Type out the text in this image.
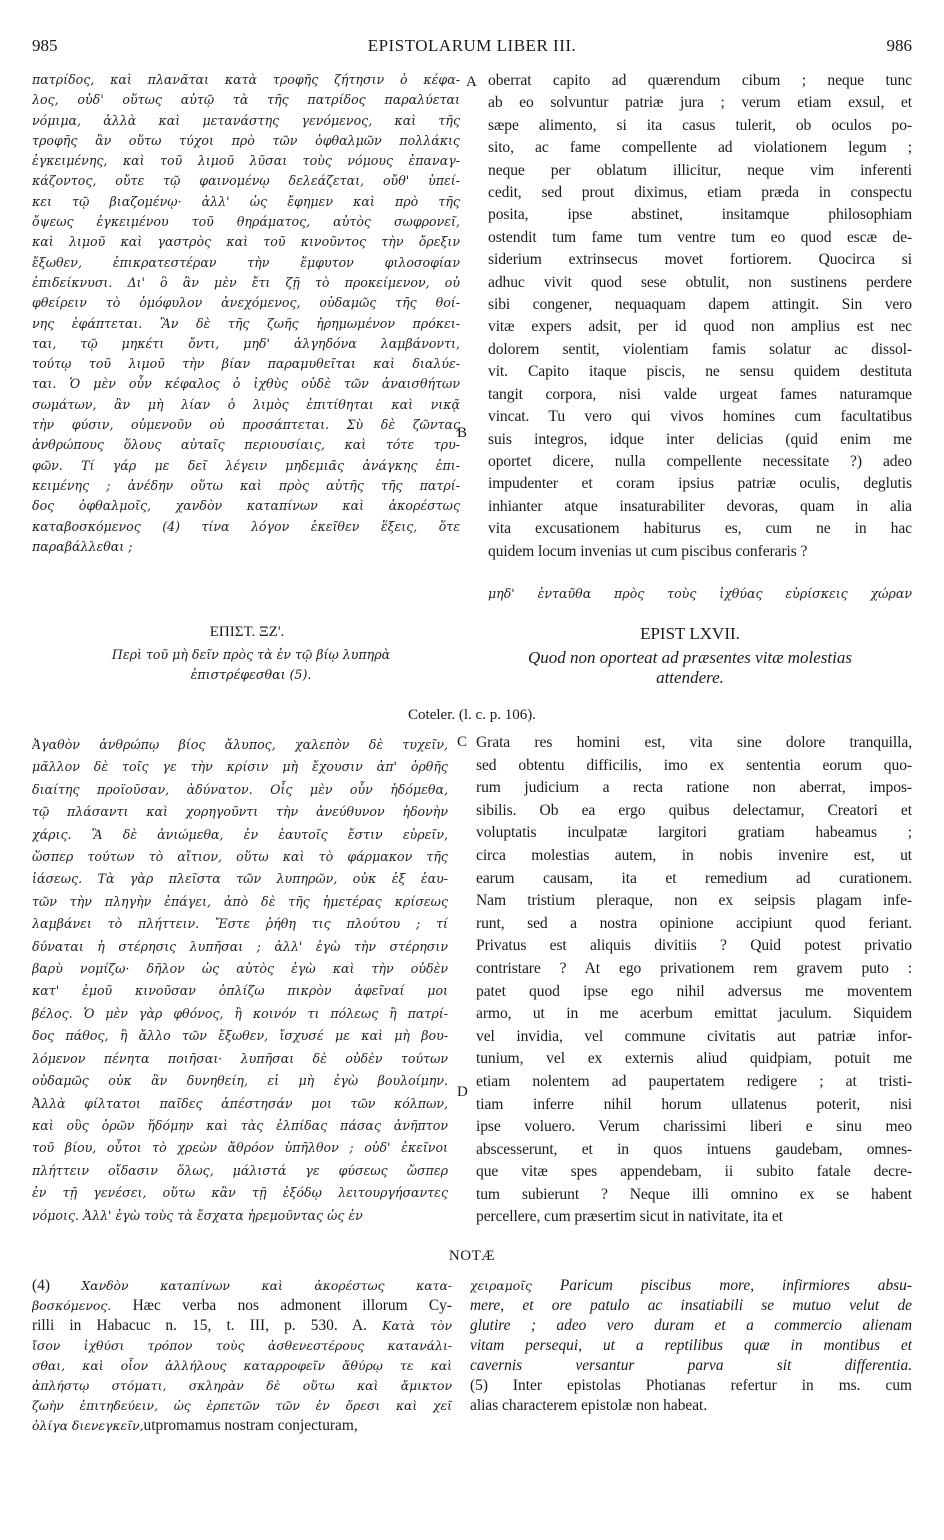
985	EPISTOLARUM LIBER III.	986
πατρίδος, καὶ πλανᾶται κατὰ τροφῆς ζήτησιν ὁ κέφα-
λος, οὐδ' οὕτως αὐτῷ τὰ τῆς πατρίδος παραλύεται
νόμιμα, ἀλλὰ καὶ μετανάστης γενόμενος, καὶ τῆς
τροφῆς ἂν οὕτω τύχοι πρὸ τῶν ὀφθαλμῶν πολλάκις
ἐγκειμένης, καὶ τοῦ λιμοῦ λῦσαι τοὺς νόμους ἐπαναγ-
κάζοντος, οὔτε τῷ φαινομένῳ δελεάζεται, οὔθ' ὑπεί-
κει τῷ βιαζομένῳ· ἀλλ' ὡς ἔφημεν καὶ πρὸ τῆς
ὄψεως ἐγκειμένου τοῦ θηράματος, αὐτὸς σωφρονεῖ,
καὶ λιμοῦ καὶ γαστρὸς καὶ τοῦ κινοῦντος τὴν ὄρεξιν
ἔξωθεν, ἐπικρατεστέραν τὴν ἔμφυτον φιλοσοφίαν
ἐπιδείκνυσι. Δι' ὃ ἂν μὲν ἔτι ζῇ τὸ προκείμενον, οὐ
φθείρειν τὸ ὁμόφυλον ἀνεχόμενος, οὐδαμῶς τῆς θοί-
νης ἐφάπτεται. Ἂν δὲ τῆς ζωῆς ἠρημωμένον πρόκει-
ται, τῷ μηκέτι ὄντι, μηδ' ἀλγηδόνα λαμβάνοντι,
τούτῳ τοῦ λιμοῦ τὴν βίαν παραμυθεῖται καὶ διαλύε-
ται. Ὁ μὲν οὖν κέφαλος ὁ ἰχθὺς οὐδὲ τῶν ἀναισθήτων
σωμάτων, ἂν μὴ λίαν ὁ λιμὸς ἐπιτίθηται καὶ νικᾷ
τὴν φύσιν, οὐμενοῦν οὐ προσάπτεται. Σὺ δὲ ζῶντας
ἀνθρώπους ὅλους αὐταῖς περιουσίαις, καὶ τότε τρυ-
φῶν. Τί γάρ με δεῖ λέγειν μηδεμιᾶς ἀνάγκης ἐπι-
κειμένης ; ἀνέδην οὕτω καὶ πρὸς αὐτῆς τῆς πατρί-
δος ὀφθαλμοῖς, χανδὸν καταπίνων καὶ ἀκορέστως
καταβοσκόμενος (4) τίνα λόγον ἐκεῖθεν ἕξεις, ὅτε
παραβάλλεθαι ;
oberrat capito ad quærendum cibum ; neque tunc
ab eo solvuntur patriæ jura ; verum etiam exsul, et
sæpe alimento, si ita casus tulerit, ob oculos po-
sito, ac fame compellente ad violationem legum ;
neque per oblatum illicitur, neque vim inferenti
cedit, sed prout diximus, etiam præda in conspectu
posita, ipse abstinet, insitamque philosophiam
ostendit tum fame tum ventre tum eo quod escæ de-
siderium extrinsecus movet fortiorem. Quocirca si
adhuc vivit quod sese obtulit, non sustinens perdere
sibi congener, nequaquam dapem attingit. Sin vero
vitæ expers adsit, per id quod non amplius est nec
dolorem sentit, violentiam famis solatur ac dissol-
vit. Capito itaque piscis, ne sensu quidem destituta
tangit corpora, nisi valde urgeat fames naturamque
vincat. Tu vero qui vivos homines cum facultatibus
suis integros, idque inter delicias (quid enim me
oportet dicere, nulla compellente necessitate ?) adeo
impudenter et coram ipsius patriæ oculis, deglutis
inhianter atque insaturabiliter devoras, quam in alia
vita excusationem habiturus es, cum ne in hac
quidem locum invenias ut cum piscibus conferaris ?
μηδ' ἐνταῦθα πρὸς τοὺς ἰχθύας εὑρίσκεις χώραν
A
B
C
D
ΕΠΙΣΤ. ΞΖ'.
Περὶ τοῦ μὴ δεῖν πρὸς τὰ ἐν τῷ βίῳ λυπηρὰ
ἐπιστρέφεσθαι (5).
EPIST LXVII.
Quod non oporteat ad præsentes vitæ molestias
attendere.
Coteler. (l. c. p. 106).
Ἀγαθὸν ἀνθρώπῳ βίος ἄλυπος, χαλεπὸν δὲ τυχεῖν,
μᾶλλον δὲ τοῖς γε τὴν κρίσιν μὴ ἔχουσιν ἀπ' ὀρθῆς
διαίτης προϊοῦσαν, ἀδύνατον. Οἷς μὲν οὖν ἡδόμεθα,
τῷ πλάσαντι καὶ χορηγοῦντι τὴν ἀνεύθυνον ἡδονὴν
χάρις. Ἃ δὲ ἀνιώμεθα, ἐν ἑαυτοῖς ἔστιν εὑρεῖν,
ὥσπερ τούτων τὸ αἴτιον, οὕτω καὶ τὸ φάρμακον τῆς
ἰάσεως. Τὰ γὰρ πλεῖστα τῶν λυπηρῶν, οὐκ ἐξ ἑαυ-
τῶν τὴν πληγὴν ἐπάγει, ἀπὸ δὲ τῆς ἡμετέρας κρίσεως
λαμβάνει τὸ πλήττειν. Ἔστε ῥήθη τις πλούτου ; τί
δύναται ἡ στέρησις λυπῆσαι ; ἀλλ' ἐγὼ τὴν στέρησιν
βαρὺ νομίζω· δῆλον ὡς αὐτὸς ἐγὼ καὶ τὴν οὐδὲν
κατ' ἐμοῦ κινοῦσαν ὁπλίζω πικρὸν ἀφεῖναί μοι
βέλος. Ὁ μὲν γὰρ φθόνος, ἢ κοινόν τι πόλεως ἢ πατρί-
δος πάθος, ἢ ἄλλο τῶν ἔξωθεν, ἴσχυσέ με καὶ μὴ βου-
λόμενον πένητα ποιῆσαι· λυπῆσαι δὲ οὐδὲν τούτων
οὐδαμῶς οὐκ ἂν δυνηθείη, εἰ μὴ ἐγὼ βουλοίμην.
Ἀλλὰ φίλτατοι παῖδες ἀπέστησάν μοι τῶν κόλπων,
καὶ οὓς ὁρῶν ἥδόμην καὶ τὰς ἐλπίδας πάσας ἀνῆπτον
τοῦ βίου, οὗτοι τὸ χρεὼν ἄθρόον ὑπῆλθον ; οὐδ' ἐκεῖνοι
πλήττειν οἴδασιν ὅλως, μάλιστά γε φύσεως ὥσπερ
ἐν τῇ γενέσει, οὕτω κἂν τῇ ἐξόδῳ λειτουργήσαντες
νόμοις. Ἀλλ' ἐγὼ τοὺς τὰ ἔσχατα ἠρεμοῦντας ὡς ἐν
Grata res homini est, vita sine dolore tranquilla,
sed obtentu difficilis, imo ex sententia eorum quo-
rum judicium a recta ratione non aberrat, impos-
sibilis. Ob ea ergo quibus delectamur, Creatori et
voluptatis inculpatæ largitori gratiam habeamus ;
circa molestias autem, in nobis invenire est, ut
earum causam, ita et remedium ad curationem.
Nam tristium pleraque, non ex seipsis plagam infe-
runt, sed a nostra opinione accipiunt quod feriant.
Privatus est aliquis divitiis ? Quid potest privatio
contristare ? At ego privationem rem gravem puto :
patet quod ipse ego nihil adversus me moventem
armo, ut in me acerbum emittat jaculum. Siquidem
vel invidia, vel commune civitatis aut patriæ infor-
tunium, vel ex externis aliud quidpiam, potuit me
etiam nolentem ad paupertatem redigere ; at tristi-
tiam inferre nihil horum ullatenus poterit, nisi
ipse voluero. Verum charissimi liberi e sinu meo
abscesserunt, et in quos intuens gaudebam, omnes-
que vitæ spes appendebam, ii subito fatale decre-
tum subierunt ? Neque illi omnino ex se habent
percellere, cum præsertim sicut in nativitate, ita et
NOTÆ
(4) Χανδὸν καταπίνων καὶ ἀκορέστως κατα-
βοσκόμενος. Hæc verba nos admonent illorum Cy-
rilli in Habacuc n. 15, t. III, p. 530. A. Κατὰ τὸν
ἴσον ἰχθύσι τρόπον τοὺς ἀσθενεστέρους κατανάλι-
σθαι, καὶ οἷον ἀλλήλους καταρροφεῖν ἄθύρῳ τε καὶ
ἀπλήστῳ στόματι, σκληρὰν δὲ οὕτω καὶ ἄμικτον
ζωὴν ἐπιτηδεύειν, ὡς ἑρπετῶν τῶν ἐν ὄρεσι καὶ χεῖ
ὀλίγα διενεγκεῖν,utpromamus nostram conjecturam,
χειραμοῖς Paricum piscibus more, infirmiores absu-
mere, et ore patulo ac insatiabili se mutuo velut de
glutire ; adeo vero duram et a commercio alienam
vitam persequi, ut a reptilibus quæ in montibus et
cavernis versantur parva sit differentia.
(5) Inter epistolas Photianas refertur in ms. cum
alias characterem epistolæ non habeat.
